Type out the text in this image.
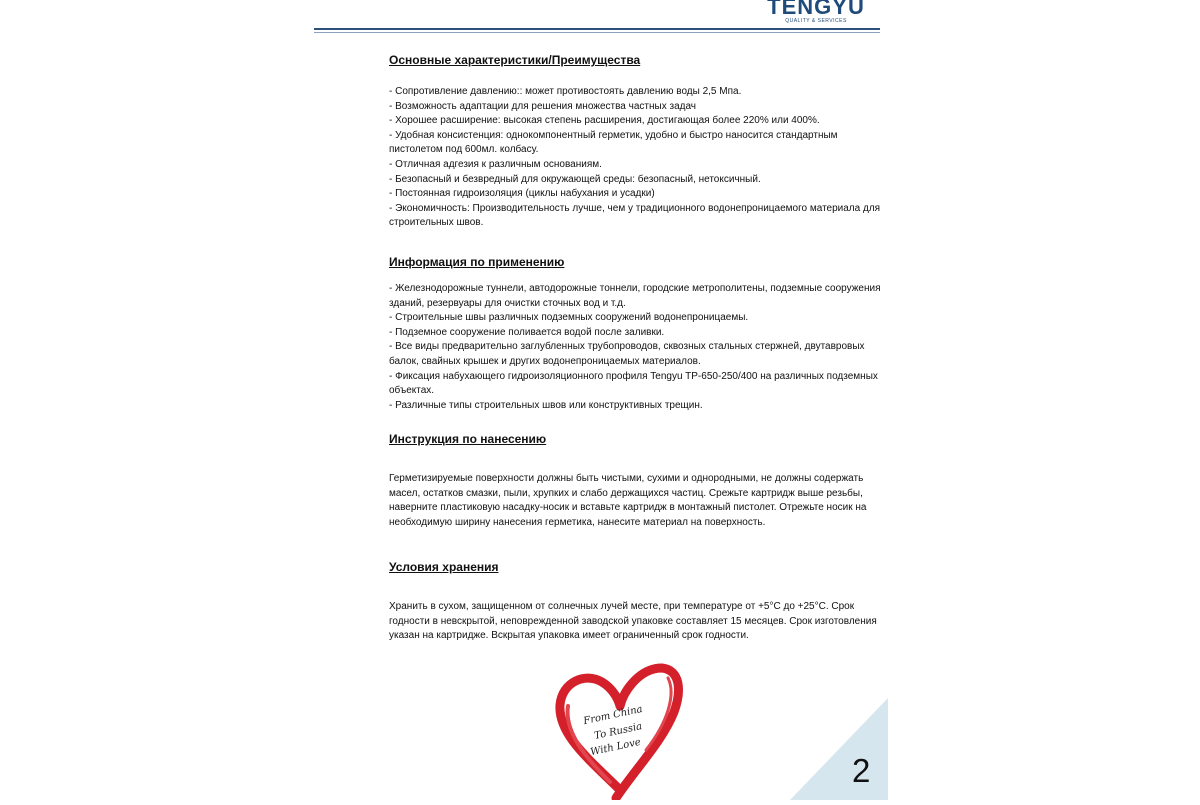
TENGYU
QUALITY & SERVICES
Основные характеристики/Преимущества
- Сопротивление давлению:: может противостоять давлению воды 2,5 Мпа.
- Возможность адаптации для решения множества частных задач
- Хорошее расширение: высокая степень расширения, достигающая более 220% или 400%.
- Удобная консистенция: однокомпонентный герметик, удобно и быстро наносится стандартным
пистолетом под 600мл. колбасу.
- Отличная адгезия к различным основаниям.
- Безопасный и безвредный для окружающей среды: безопасный, нетоксичный.
- Постоянная гидроизоляция (циклы набухания и усадки)
- Экономичность: Производительность лучше, чем у традиционного водонепроницаемого материала для
строительных швов.
Информация по применению
- Железнодорожные туннели, автодорожные тоннели, городские метрополитены, подземные сооружения
зданий, резервуары для очистки сточных вод и т.д.
- Строительные швы различных подземных сооружений водонепроницаемы.
- Подземное сооружение поливается водой после заливки.
- Все виды предварительно заглубленных трубопроводов, сквозных стальных стержней, двутавровых
балок, свайных крышек и других водонепроницаемых материалов.
- Фиксация набухающего гидроизоляционного профиля Tengyu TP-650-250/400 на различных подземных
объектах.
- Различные типы строительных швов или конструктивных трещин.
Инструкция по нанесению
Герметизируемые поверхности должны быть чистыми, сухими и однородными, не должны содержать
масел, остатков смазки, пыли, хрупких и слабо держащихся частиц. Срежьте картридж выше резьбы,
наверните пластиковую насадку-носик и вставьте картридж в монтажный пистолет. Отрежьте носик на
необходимую ширину нанесения герметика, нанесите материал на поверхность.
Условия хранения
Хранить в сухом, защищенном от солнечных лучей месте, при температуре от +5°С до +25°С. Срок
годности в невскрытой, неповрежденной заводской упаковке составляет 15 месяцев. Срок изготовления
указан на картридже. Вскрытая упаковка имеет ограниченный срок годности.
From China
To Russia
With Love
2
